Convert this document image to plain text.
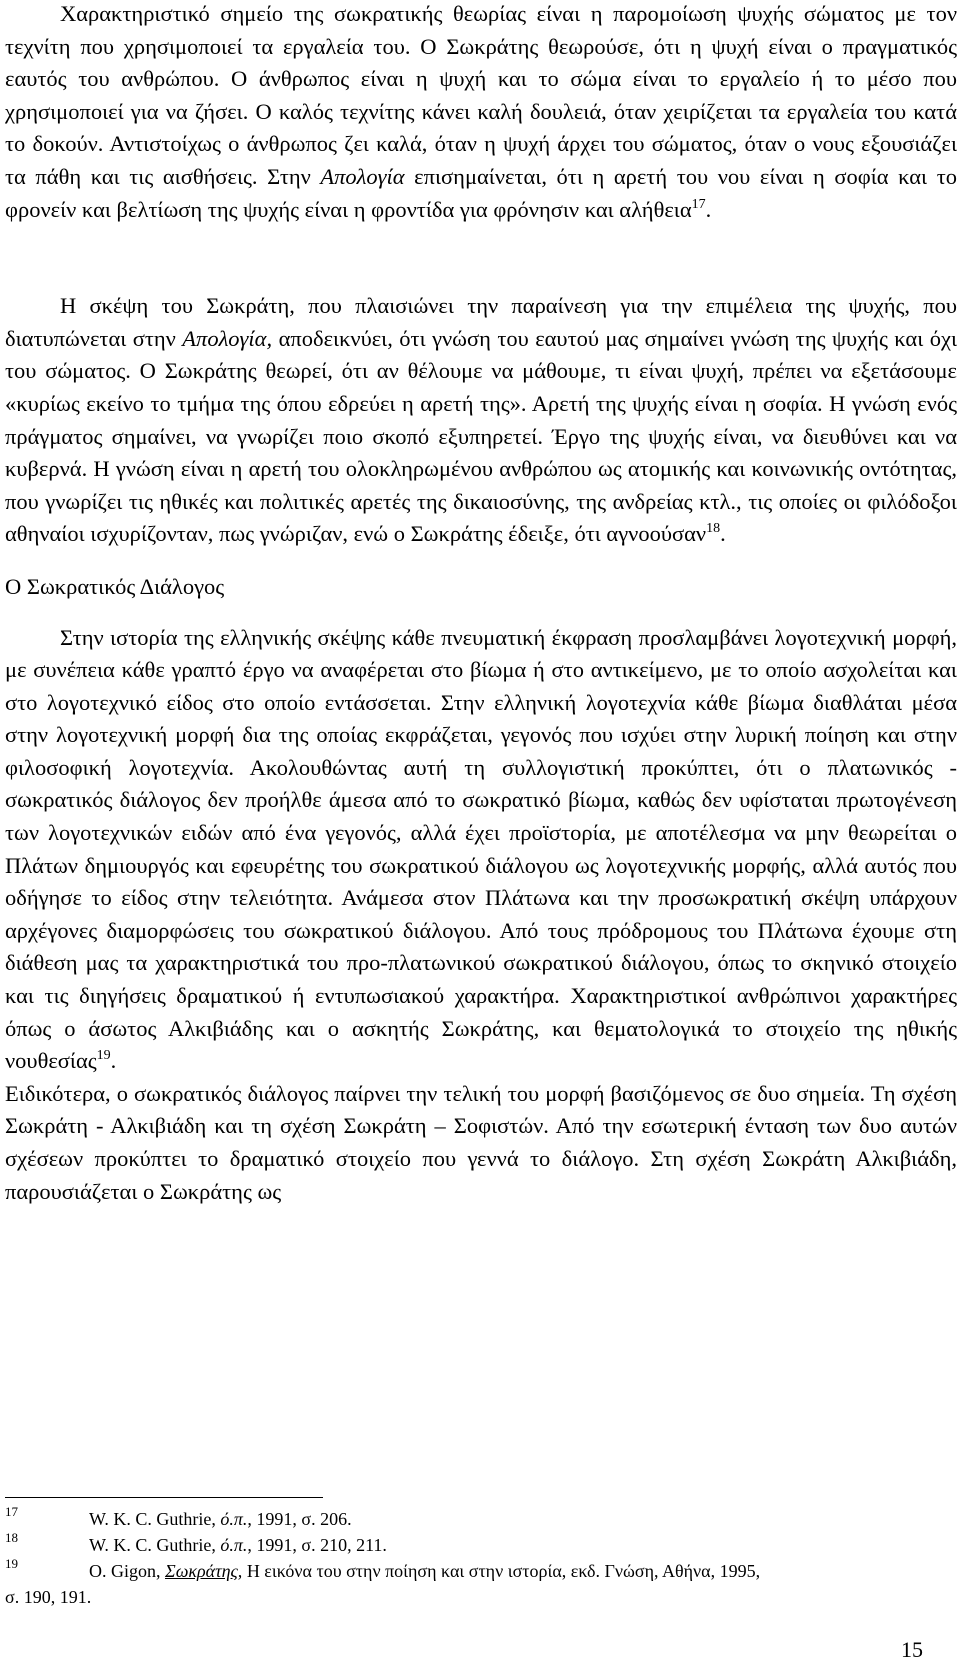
Χαρακτηριστικό σημείο της σωκρατικής θεωρίας είναι η παρομοίωση ψυχής σώματος με τον τεχνίτη που χρησιμοποιεί τα εργαλεία του. Ο Σωκράτης θεωρούσε, ότι η ψυχή είναι ο πραγματικός εαυτός του ανθρώπου. Ο άνθρωπος είναι η ψυχή και το σώμα είναι το εργαλείο ή το μέσο που χρησιμοποιεί για να ζήσει. Ο καλός τεχνίτης κάνει καλή δουλειά, όταν χειρίζεται τα εργαλεία του κατά το δοκούν. Αντιστοίχως ο άνθρωπος ζει καλά, όταν η ψυχή άρχει του σώματος, όταν ο νους εξουσιάζει τα πάθη και τις αισθήσεις. Στην Απολογία επισημαίνεται, ότι η αρετή του νου είναι η σοφία και το φρονείν και βελτίωση της ψυχής είναι η φροντίδα για φρόνησιν και αλήθεια$^{17}$.

Η σκέψη του Σωκράτη, που πλαισιώνει την παραίνεση για την επιμέλεια της ψυχής, που διατυπώνεται στην Απολογία, αποδεικνύει, ότι γνώση του εαυτού μας σημαίνει γνώση της ψυχής και όχι του σώματος. Ο Σωκράτης θεωρεί, ότι αν θέλουμε να μάθουμε, τι είναι ψυχή, πρέπει να εξετάσουμε «κυρίως εκείνο το τμήμα της όπου εδρεύει η αρετή της». Αρετή της ψυχής είναι η σοφία. Η γνώση ενός πράγματος σημαίνει, να γνωρίζει ποιο σκοπό εξυπηρετεί. Έργο της ψυχής είναι, να διευθύνει και να κυβερνά. Η γνώση είναι η αρετή του ολοκληρωμένου ανθρώπου ως ατομικής και κοινωνικής οντότητας, που γνωρίζει τις ηθικές και πολιτικές αρετές της δικαιοσύνης, της ανδρείας κτλ., τις οποίες οι φιλόδοξοι αθηναίοι ισχυρίζονταν, πως γνώριζαν, ενώ ο Σωκράτης έδειξε, ότι αγνοούσαν$^{18}$.

Ο Σωκρατικός Διάλογος

Στην ιστορία της ελληνικής σκέψης κάθε πνευματική έκφραση προσλαμβάνει λογοτεχνική μορφή, με συνέπεια κάθε γραπτό έργο να αναφέρεται στο βίωμα ή στο αντικείμενο, με το οποίο ασχολείται και στο λογοτεχνικό είδος στο οποίο εντάσσεται. Στην ελληνική λογοτεχνία κάθε βίωμα διαθλάται μέσα στην λογοτεχνική μορφή δια της οποίας εκφράζεται, γεγονός που ισχύει στην λυρική ποίηση και στην φιλοσοφική λογοτεχνία. Ακολουθώντας αυτή τη συλλογιστική προκύπτει, ότι ο πλατωνικός - σωκρατικός διάλογος δεν προήλθε άμεσα από το σωκρατικό βίωμα, καθώς δεν υφίσταται πρωτογένεση των λογοτεχνικών ειδών από ένα γεγονός, αλλά έχει προϊστορία, με αποτέλεσμα να μην θεωρείται ο Πλάτων δημιουργός και εφευρέτης του σωκρατικού διάλογου ως λογοτεχνικής μορφής, αλλά αυτός που οδήγησε το είδος στην τελειότητα. Ανάμεσα στον Πλάτωνα και την προσωκρατική σκέψη υπάρχουν αρχέγονες διαμορφώσεις του σωκρατικού διάλογου. Από τους πρόδρομους του Πλάτωνα έχουμε στη διάθεση μας τα χαρακτηριστικά του προ-πλατωνικού σωκρατικού διάλογου, όπως το σκηνικό στοιχείο και τις διηγήσεις δραματικού ή εντυπωσιακού χαρακτήρα. Χαρακτηριστικοί ανθρώπινοι χαρακτήρες όπως ο άσωτος Αλκιβιάδης και ο ασκητής Σωκράτης, και θεματολογικά το στοιχείο της ηθικής νουθεσίας$^{19}$.

Ειδικότερα, ο σωκρατικός διάλογος παίρνει την τελική του μορφή βασιζόμενος σε δυο σημεία. Τη σχέση Σωκράτη - Αλκιβιάδη και τη σχέση Σωκράτη – Σοφιστών. Από την εσωτερική ένταση των δυο αυτών σχέσεων προκύπτει το δραματικό στοιχείο που γεννά το διάλογο. Στη σχέση Σωκράτη Αλκιβιάδη, παρουσιάζεται ο Σωκράτης ως

17	W. K. C. Guthrie, ό.π., 1991, σ. 206.

18	W. K. C. Guthrie, ό.π., 1991, σ. 210, 211.

19	O. Gigon, Σωκράτης, Η εικόνα του στην ποίηση και στην ιστορία, εκδ. Γνώση, Αθήνα, 1995,

σ. 190, 191.

15
